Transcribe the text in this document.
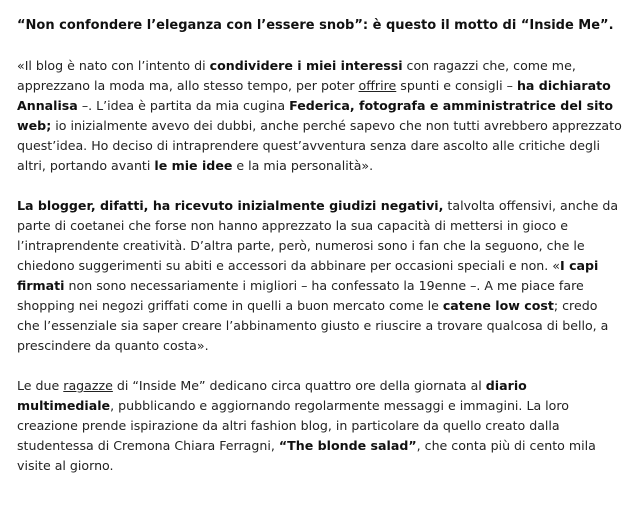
“Non confondere l’eleganza con l’essere snob”: è questo il motto di “Inside Me”.

«Il blog è nato con l’intento di condividere i miei interessi con ragazzi che, come me, apprezzano la moda ma, allo stesso tempo, per poter offrire spunti e consigli – ha dichiarato Annalisa –. L’idea è partita da mia cugina Federica, fotografa e amministratrice del sito web; io inizialmente avevo dei dubbi, anche perché sapevo che non tutti avrebbero apprezzato quest’idea. Ho deciso di intraprendere quest’avventura senza dare ascolto alle critiche degli altri, portando avanti le mie idee e la mia personalità».

La blogger, difatti, ha ricevuto inizialmente giudizi negativi, talvolta offensivi, anche da parte di coetanei che forse non hanno apprezzato la sua capacità di mettersi in gioco e l’intraprendente creatività. D’altra parte, però, numerosi sono i fan che la seguono, che le chiedono suggerimenti su abiti e accessori da abbinare per occasioni speciali e non. «I capi firmati non sono necessariamente i migliori – ha confessato la 19enne –. A me piace fare shopping nei negozi griffati come in quelli a buon mercato come le catene low cost; credo che l’essenziale sia saper creare l’abbinamento giusto e riuscire a trovare qualcosa di bello, a prescindere da quanto costa».

Le due ragazze di “Inside Me” dedicano circa quattro ore della giornata al diario multimediale, pubblicando e aggiornando regolarmente messaggi e immagini. La loro creazione prende ispirazione da altri fashion blog, in particolare da quello creato dalla studentessa di Cremona Chiara Ferragni, “The blonde salad”, che conta più di cento mila visite al giorno.
